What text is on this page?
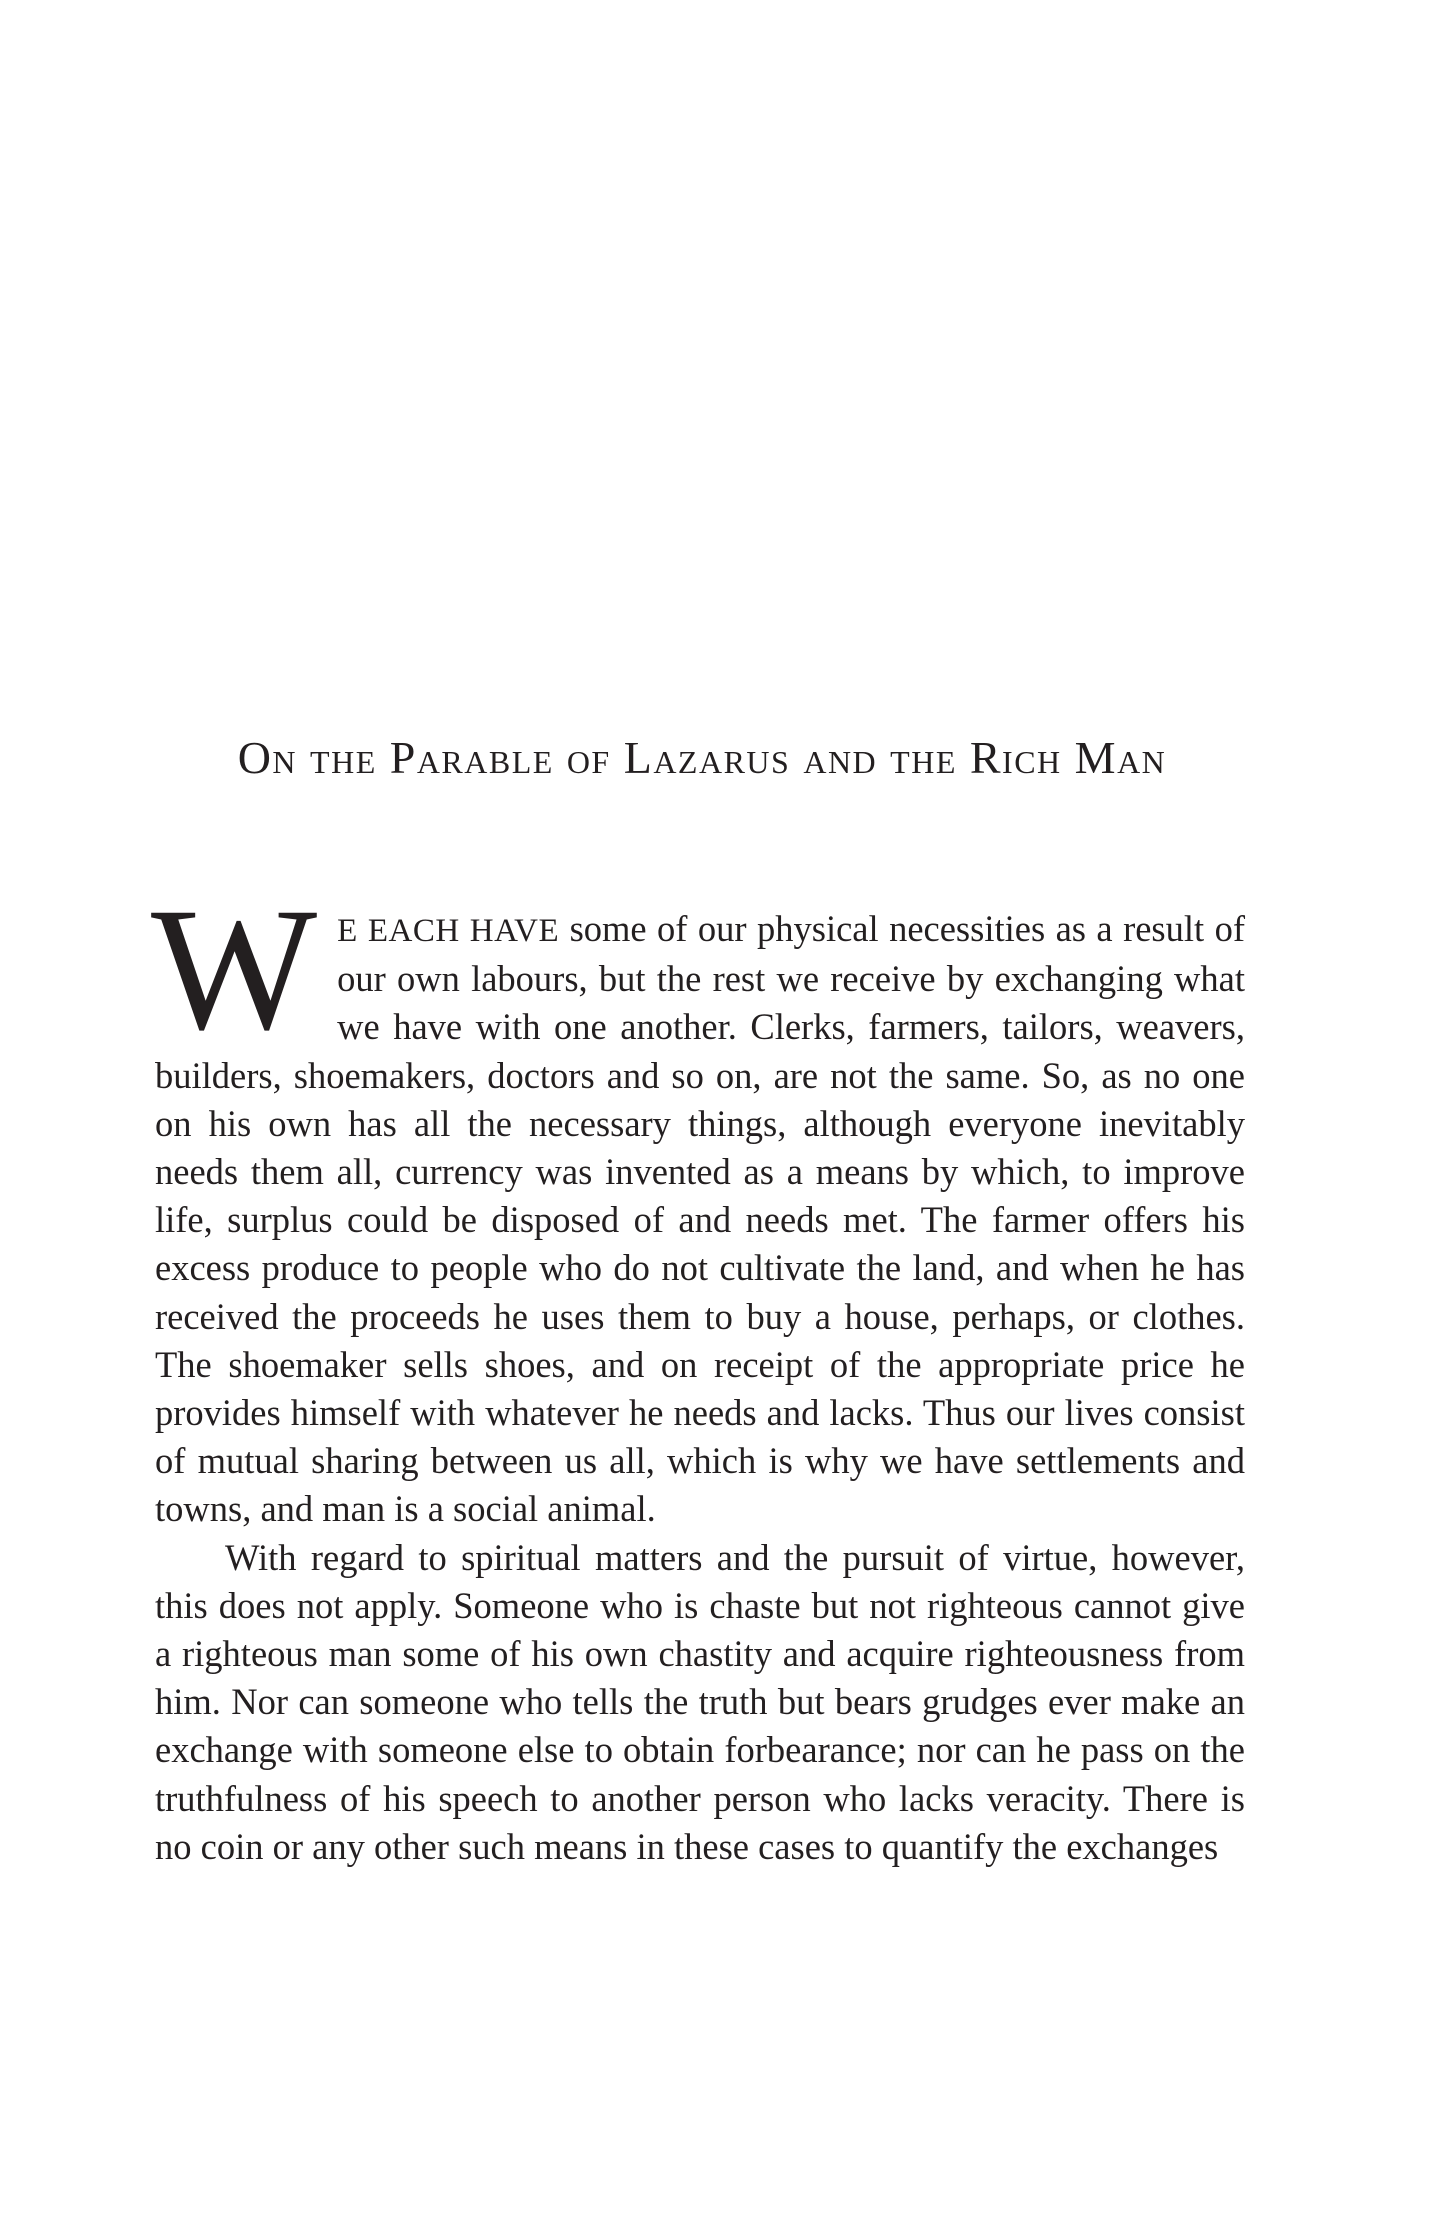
On the Parable of Lazarus and the Rich Man

W E EACH HAVE some of our physical necessities as a result of our own labours, but the rest we receive by exchanging what we have with one another. Clerks, farmers, tailors, weavers, builders, shoemakers, doctors and so on, are not the same. So, as no one on his own has all the necessary things, although everyone inevitably needs them all, currency was invented as a means by which, to improve life, surplus could be disposed of and needs met. The farmer offers his excess produce to people who do not cultivate the land, and when he has received the proceeds he uses them to buy a house, perhaps, or clothes. The shoemaker sells shoes, and on receipt of the appropriate price he provides himself with whatever he needs and lacks. Thus our lives consist of mutual sharing between us all, which is why we have settlements and towns, and man is a social animal.

With regard to spiritual matters and the pursuit of virtue, however, this does not apply. Someone who is chaste but not righteous cannot give a righteous man some of his own chastity and acquire righteousness from him. Nor can someone who tells the truth but bears grudges ever make an exchange with someone else to obtain forbearance; nor can he pass on the truthfulness of his speech to another person who lacks veracity. There is no coin or any other such means in these cases to quantify the exchanges
